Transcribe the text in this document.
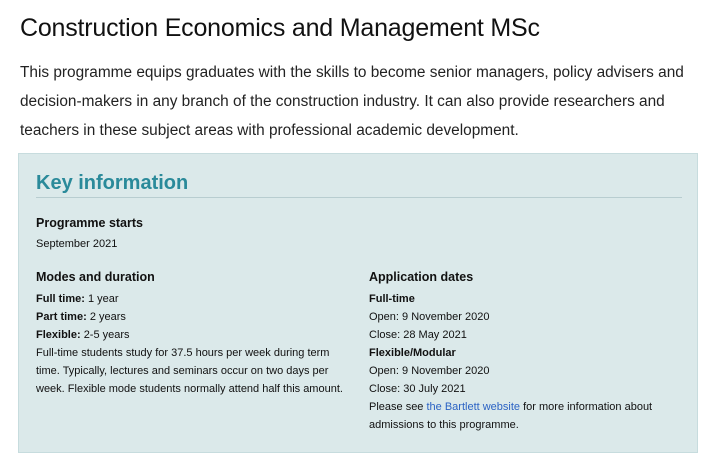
Construction Economics and Management MSc

This programme equips graduates with the skills to become senior managers, policy advisers and decision-makers in any branch of the construction industry. It can also provide researchers and teachers in these subject areas with professional academic development.

Key information
Programme starts
September 2021
Modes and duration
Full time: 1 year
Part time: 2 years
Flexible: 2-5 years
Full-time students study for 37.5 hours per week during term time. Typically, lectures and seminars occur on two days per week. Flexible mode students normally attend half this amount.
Application dates
Full-time
Open: 9 November 2020
Close: 28 May 2021
Flexible/Modular
Open: 9 November 2020
Close: 30 July 2021
Please see the Bartlett website for more information about
admissions to this programme.
